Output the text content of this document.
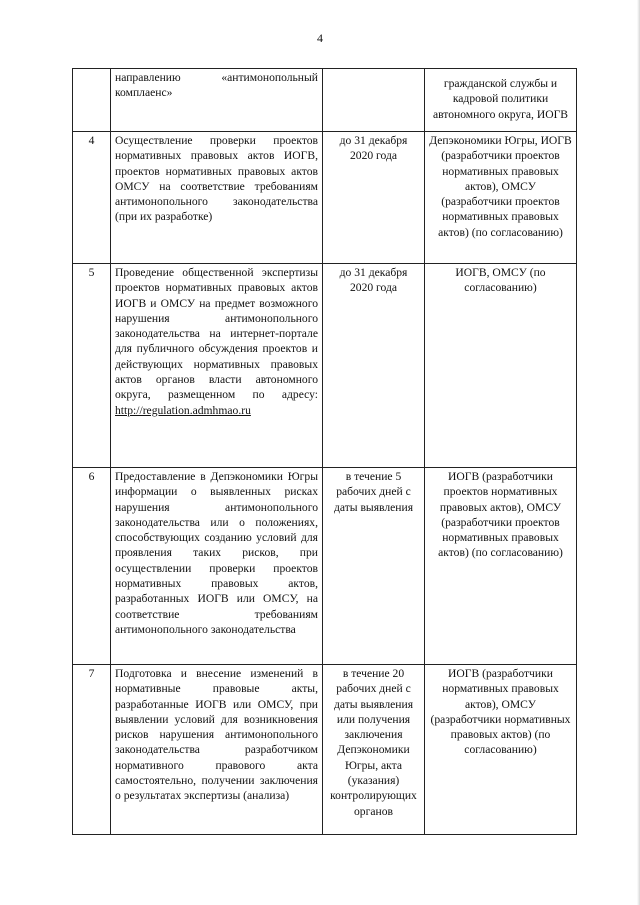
4
	направлению «антимонопольный комплаенс»		гражданской службы и кадровой политики автономного округа, ИОГВ
4	Осуществление проверки проектов нормативных правовых актов ИОГВ, проектов нормативных правовых актов ОМСУ на соответствие требованиям антимонопольного законодательства (при их разработке)	до 31 декабря 2020 года	Депэкономики Югры, ИОГВ (разработчики проектов нормативных правовых актов), ОМСУ (разработчики проектов нормативных правовых актов) (по согласованию)
5	Проведение общественной экспертизы проектов нормативных правовых актов ИОГВ и ОМСУ на предмет возможного нарушения антимонопольного законодательства на интернет-портале для публичного обсуждения проектов и действующих нормативных правовых актов органов власти автономного округа, размещенном по адресу: http://regulation.admhmao.ru	до 31 декабря 2020 года	ИОГВ, ОМСУ (по согласованию)
6	Предоставление в Депэкономики Югры информации о выявленных рисках нарушения антимонопольного законодательства или о положениях, способствующих созданию условий для проявления таких рисков, при осуществлении проверки проектов нормативных правовых актов, разработанных ИОГВ или ОМСУ, на соответствие требованиям антимонопольного законодательства	в течение 5 рабочих дней с даты выявления	ИОГВ (разработчики проектов нормативных правовых актов), ОМСУ (разработчики проектов нормативных правовых актов) (по согласованию)
7	Подготовка и внесение изменений в нормативные правовые акты, разработанные ИОГВ или ОМСУ, при выявлении условий для возникновения рисков нарушения антимонопольного законодательства разработчиком нормативного правового акта самостоятельно, получении заключения о результатах экспертизы (анализа)	в течение 20 рабочих дней с даты выявления или получения заключения Депэкономики Югры, акта (указания) контролирующих органов	ИОГВ (разработчики нормативных правовых актов), ОМСУ (разработчики нормативных правовых актов) (по согласованию)
